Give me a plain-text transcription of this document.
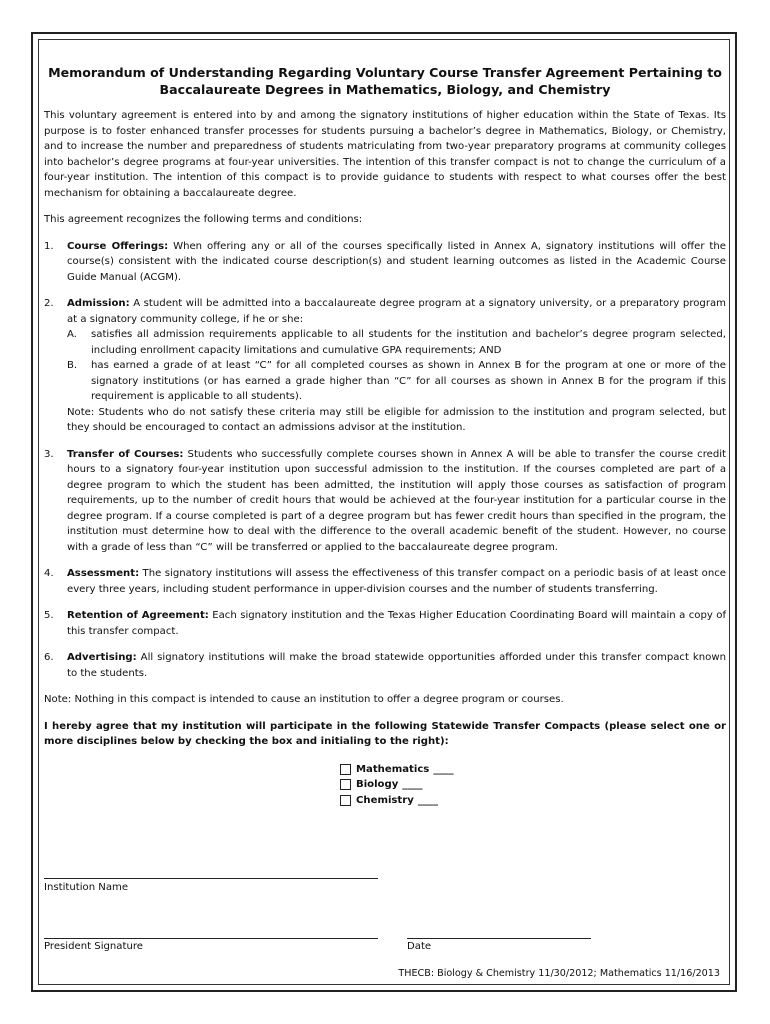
Memorandum of Understanding Regarding Voluntary Course Transfer Agreement Pertaining to
Baccalaureate Degrees in Mathematics, Biology, and Chemistry

This voluntary agreement is entered into by and among the signatory institutions of higher education within the State of Texas. Its purpose is to foster enhanced transfer processes for students pursuing a bachelor’s degree in Mathematics, Biology, or Chemistry, and to increase the number and preparedness of students matriculating from two-year preparatory programs at community colleges into bachelor’s degree programs at four-year universities. The intention of this transfer compact is not to change the curriculum of a four-year institution. The intention of this compact is to provide guidance to students with respect to what courses offer the best mechanism for obtaining a baccalaureate degree.

This agreement recognizes the following terms and conditions:

1. Course Offerings: When offering any or all of the courses specifically listed in Annex A, signatory institutions will offer the course(s) consistent with the indicated course description(s) and student learning outcomes as listed in the Academic Course Guide Manual (ACGM).
2. Admission: A student will be admitted into a baccalaureate degree program at a signatory university, or a preparatory program at a signatory community college, if he or she:
A. satisfies all admission requirements applicable to all students for the institution and bachelor’s degree program selected, including enrollment capacity limitations and cumulative GPA requirements; AND
B. has earned a grade of at least “C” for all completed courses as shown in Annex B for the program at one or more of the signatory institutions (or has earned a grade higher than “C” for all courses as shown in Annex B for the program if this requirement is applicable to all students).
Note: Students who do not satisfy these criteria may still be eligible for admission to the institution and program selected, but they should be encouraged to contact an admissions advisor at the institution.
3. Transfer of Courses: Students who successfully complete courses shown in Annex A will be able to transfer the course credit hours to a signatory four-year institution upon successful admission to the institution. If the courses completed are part of a degree program to which the student has been admitted, the institution will apply those courses as satisfaction of program requirements, up to the number of credit hours that would be achieved at the four-year institution for a particular course in the degree program. If a course completed is part of a degree program but has fewer credit hours than specified in the program, the institution must determine how to deal with the difference to the overall academic benefit of the student. However, no course with a grade of less than “C” will be transferred or applied to the baccalaureate degree program.
4. Assessment: The signatory institutions will assess the effectiveness of this transfer compact on a periodic basis of at least once every three years, including student performance in upper-division courses and the number of students transferring.
5. Retention of Agreement: Each signatory institution and the Texas Higher Education Coordinating Board will maintain a copy of this transfer compact.
6. Advertising: All signatory institutions will make the broad statewide opportunities afforded under this transfer compact known to the students.

Note: Nothing in this compact is intended to cause an institution to offer a degree program or courses.

I hereby agree that my institution will participate in the following Statewide Transfer Compacts (please select one or more disciplines below by checking the box and initialing to the right):

Mathematics ____
Biology ____
Chemistry ____
Institution Name
President Signature	Date
THECB: Biology & Chemistry 11/30/2012; Mathematics 11/16/2013
